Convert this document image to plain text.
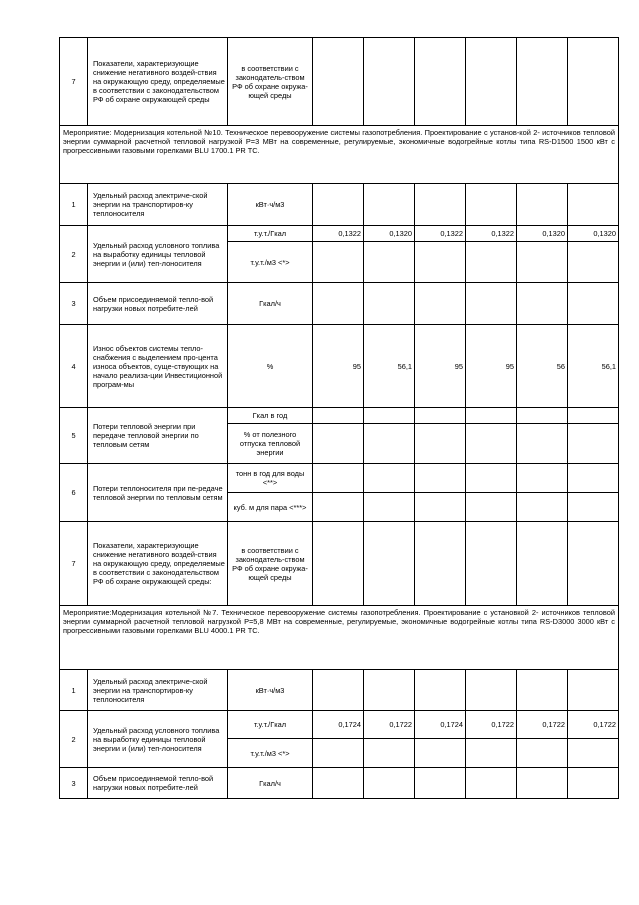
7	Показатели, характеризующие снижение негативного воздей-ствия на окружающую среду, определяемые в соответствии с законодательством РФ об охране окружающей среды	в соответствии с законодатель-ством РФ об охране окружа-ющей среды						
Мероприятие: Модернизация котельной №10. Техническое перевооружение системы газопотребления. Проектирование с установ-кой 2- источников тепловой энергии суммарной расчетной тепловой нагрузкой P=3 МВт на современные, регулируемые, экономичные водогрейные котлы типа RS-D1500 1500 кВт с прогрессивными газовыми горелками BLU 1700.1 PR TC.								
1	Удельный расход электриче-ской энергии на транспортиров-ку теплоносителя	кВт·ч/м3						
2	Удельный расход условного топлива на выработку единицы тепловой энергии и (или) теп-лоносителя	т.у.т./Гкал	0,1322	0,1320	0,1322	0,1322	0,1320	0,1320
		т.у.т./м3 <*>						
3	Объем присоединяемой тепло-вой нагрузки новых потребите-лей	Гкал/ч						
4	Износ объектов системы тепло-снабжения с выделением про-цента износа объектов, суще-ствующих на начало реализа-ции Инвестиционной програм-мы	%	95	56,1	95	95	56	56,1
5	Потери тепловой энергии при передаче тепловой энергии по тепловым сетям	Гкал в год						
		% от полезного отпуска тепловой энергии						
6	Потери теплоносителя при пе-редаче тепловой энергии по тепловым сетям	тонн в год для воды <**>						
		куб. м для пара <***>						
7	Показатели, характеризующие снижение негативного воздей-ствия на окружающую среду, определяемые в соответствии с законодательством РФ об охране окружающей среды:	в соответствии с законодатель-ством РФ об охране окружа-ющей среды						
Мероприятие:Модернизация котельной №7. Техническое перевооружение системы газопотребления. Проектирование с установкой 2- источников тепловой энергии суммарной расчетной тепловой нагрузкой P=5,8 МВт на современные, регулируемые, экономичные водогрейные котлы типа RS-D3000 3000 кВт с прогрессивными газовыми горелками BLU 4000.1 PR TC.								
1	Удельный расход электриче-ской энергии на транспортиров-ку теплоносителя	кВт·ч/м3						
2	Удельный расход условного топлива на выработку единицы тепловой энергии и (или) теп-лоносителя	т.у.т./Гкал	0,1724	0,1722	0,1724	0,1722	0,1722	0,1722
		т.у.т./м3 <*>						
3	Объем присоединяемой тепло-вой нагрузки новых потребите-лей	Гкал/ч						
